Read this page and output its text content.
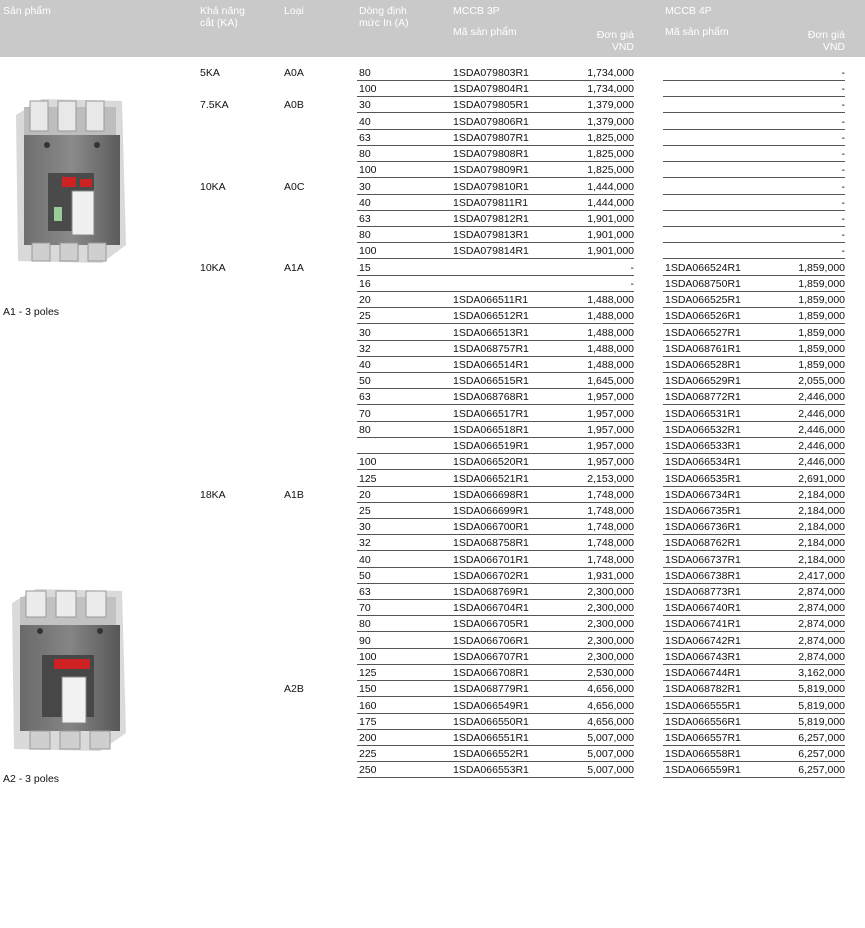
Sản phẩm	Khả năng cắt (KA)
Loại	Dòng định mức In (A)
MCCB 3P
Mã sản phẩm	Đơn giá VND
MCCB 4P
Mã sản phẩm	Đơn giá VND
A1 - 3 poles
A2 - 3 poles
5KA	A0A	80	1SDA079803R1	1,734,000	-
100	1SDA079804R1	1,734,000	-
7.5KA	A0B	30	1SDA079805R1	1,379,000	-
40	1SDA079806R1	1,379,000	-
63	1SDA079807R1	1,825,000	-
80	1SDA079808R1	1,825,000	-
100	1SDA079809R1	1,825,000	-
10KA	A0C	30	1SDA079810R1	1,444,000	-
40	1SDA079811R1	1,444,000	-
63	1SDA079812R1	1,901,000	-
80	1SDA079813R1	1,901,000	-
100	1SDA079814R1	1,901,000	-
10KA	A1A	15	-	1SDA066524R1	1,859,000
16	-	1SDA068750R1	1,859,000
20	1SDA066511R1	1,488,000	1SDA066525R1	1,859,000
25	1SDA066512R1	1,488,000	1SDA066526R1	1,859,000
30	1SDA066513R1	1,488,000	1SDA066527R1	1,859,000
32	1SDA068757R1	1,488,000	1SDA068761R1	1,859,000
40	1SDA066514R1	1,488,000	1SDA066528R1	1,859,000
50	1SDA066515R1	1,645,000	1SDA066529R1	2,055,000
63	1SDA068768R1	1,957,000	1SDA068772R1	2,446,000
70	1SDA066517R1	1,957,000	1SDA066531R1	2,446,000
80	1SDA066518R1	1,957,000	1SDA066532R1	2,446,000
1SDA066519R1	1,957,000	1SDA066533R1	2,446,000
100	1SDA066520R1	1,957,000	1SDA066534R1	2,446,000
125	1SDA066521R1	2,153,000	1SDA066535R1	2,691,000
18KA	A1B	20	1SDA066698R1	1,748,000	1SDA066734R1	2,184,000
25	1SDA066699R1	1,748,000	1SDA066735R1	2,184,000
30	1SDA066700R1	1,748,000	1SDA066736R1	2,184,000
32	1SDA068758R1	1,748,000	1SDA068762R1	2,184,000
40	1SDA066701R1	1,748,000	1SDA066737R1	2,184,000
50	1SDA066702R1	1,931,000	1SDA066738R1	2,417,000
63	1SDA068769R1	2,300,000	1SDA068773R1	2,874,000
70	1SDA066704R1	2,300,000	1SDA066740R1	2,874,000
80	1SDA066705R1	2,300,000	1SDA066741R1	2,874,000
90	1SDA066706R1	2,300,000	1SDA066742R1	2,874,000
100	1SDA066707R1	2,300,000	1SDA066743R1	2,874,000
125	1SDA066708R1	2,530,000	1SDA066744R1	3,162,000
A2B	150	1SDA068779R1	4,656,000	1SDA068782R1	5,819,000
160	1SDA066549R1	4,656,000	1SDA066555R1	5,819,000
175	1SDA066550R1	4,656,000	1SDA066556R1	5,819,000
200	1SDA066551R1	5,007,000	1SDA066557R1	6,257,000
225	1SDA066552R1	5,007,000	1SDA066558R1	6,257,000
250	1SDA066553R1	5,007,000	1SDA066559R1	6,257,000
